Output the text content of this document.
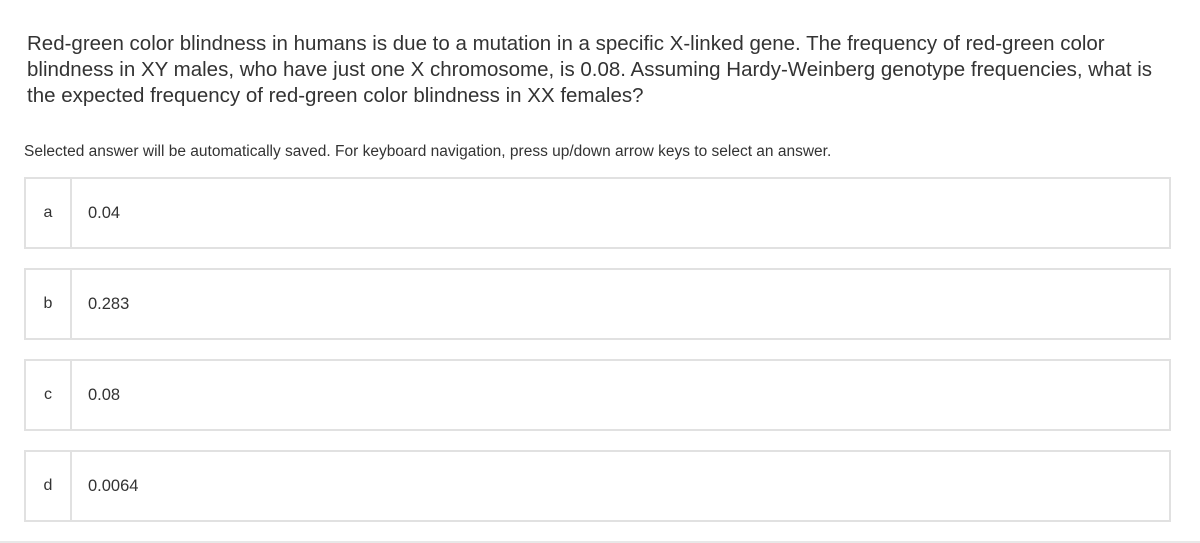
Red-green color blindness in humans is due to a mutation in a specific X-linked gene. The frequency of red-green color blindness in XY males, who have just one X chromosome, is 0.08. Assuming Hardy-Weinberg genotype frequencies, what is the expected frequency of red-green color blindness in XX females?

Selected answer will be automatically saved. For keyboard navigation, press up/down arrow keys to select an answer.

a	0.04
b	0.283
c	0.08
d	0.0064
